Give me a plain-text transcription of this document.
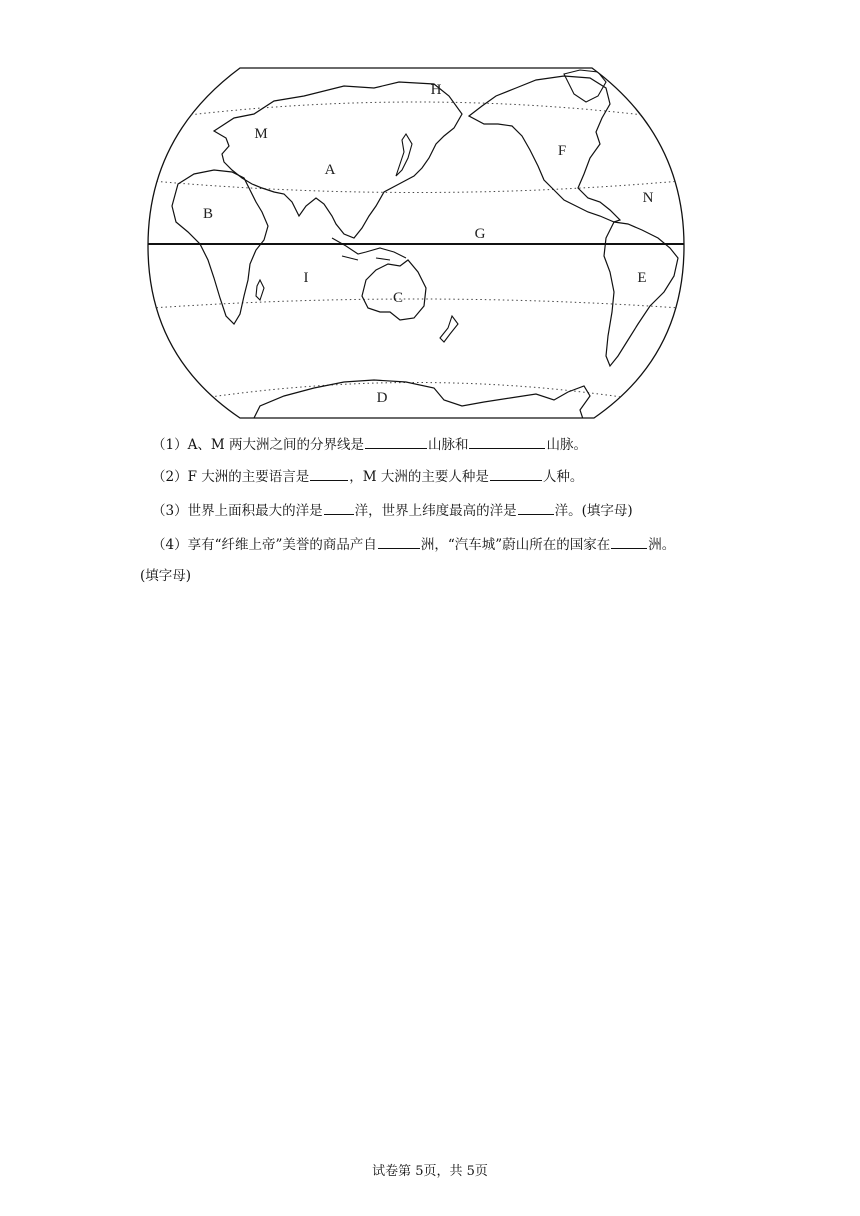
H
M
A
F
N
B
G
I	E
C
D
（1）A、M 两大洲之间的分界线是	山脉和	山脉。
（2）F 大洲的主要语言是	，M 大洲的主要人种是	人种。
（3）世界上面积最大的洋是 洋，世界上纬度最高的洋是	洋。(填字母)
（4）享有“纤维上帝”美誉的商品产自	洲，“汽车城”蔚山所在的国家在	洲。
(填字母)
试卷第 5页，共 5页
